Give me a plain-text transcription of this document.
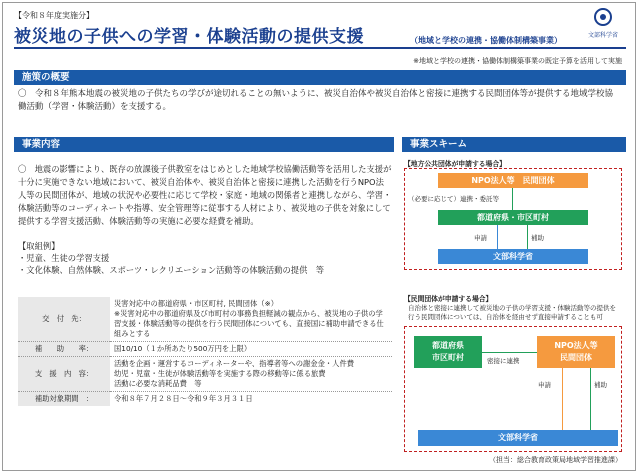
【令和８年度実施分】
被災地の子供への学習・体験活動の提供支援	（地域と学校の連携・協働体制構築事業）
文部科学省
※地域と学校の連携・協働体制構築事業の既定予算を活用して実施
施策の概要
〇　令和８年熊本地震の被災地の子供たちの学びが途切れることの無いように、被災自治体や被災自治体と密接に連携する民間団体等が提供する地域学校協働活動（学習・体験活動）を支援する。
事業内容
〇　地震の影響により、既存の放課後子供教室をはじめとした地域学校協働活動等を活用した支援が十分に実施できない地域において、被災自治体や、被災自治体と密接に連携した活動を行うNPO法人等の民間団体が、地域の状況や必要性に応じて学校・家庭・地域の関係者と連携しながら、学習・体験活動等のコーディネートや指導、安全管理等に従事する人材により、被災地の子供を対象にして提供する学習支援活動、体験活動等の実施に必要な経費を補助。
【取組例】
・児童、生徒の学習支援
・文化体験、自然体験、スポーツ・レクリエーション活動等の体験活動の提供　等
交　付　先：	災害対応中の都道府県・市区町村, 民間団体（※）
※災害対応中の都道府県及び市町村の事務負担軽減の観点から、被災地の子供の学習支援・体験活動等の提供を行う民間団体についても、直接国に補助申請できる仕組みとする
補　　助　　率：	国10/10（１か所あたり500万円を上限）
支　援　内　容：	活動を企画・運営するコーディネーターや、指導者等への謝金金・人件費
幼児・児童・生徒が体験活動等を実施する際の移動等に係る旅費
活動に必要な消耗品費　等
補助対象期間　：	令和８年７月２８日～令和９年３月３１日
事業スキーム
【地方公共団体が申請する場合】
NPO法人等　民間団体
（必要に応じて）連携・委託等
都道府県・市区町村
申請	補助
文部科学省
【民間団体が申請する場合】
自治体と密接に連携して被災地の子供の学習支援・体験活動等の提供を行う民間団体については、自治体を経由せず直接申請することも可
都道府県
市区町村	密接に連携
NPO法人等
民間団体
申請	補助
文部科学省
（担当：総合教育政策局地域学習推進課）
